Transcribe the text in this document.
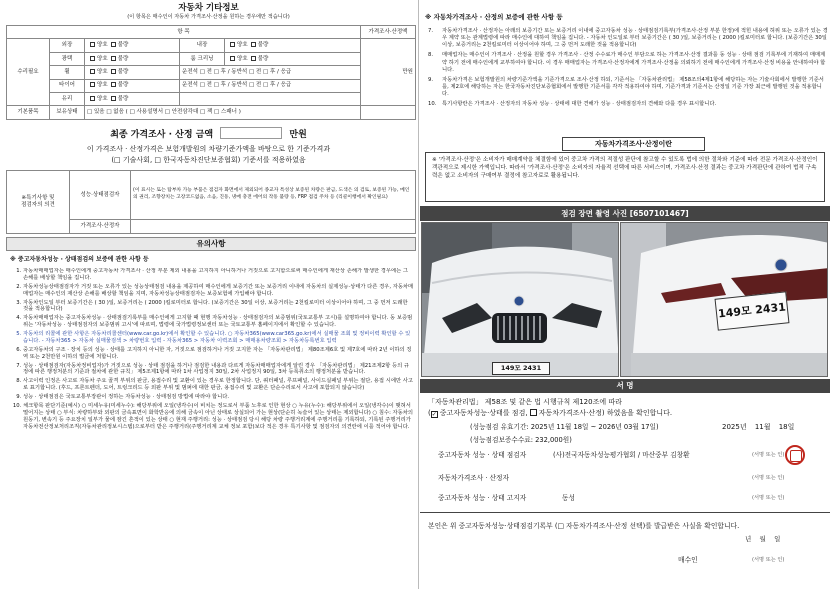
자동차 기타정보
(이 항목은 매수인이 자동차 가격조사·산정을 원하는 경우에만 적습니다)
항 목					가격조사·산정액
수리필요	외장	양호 불량	내장	양호 불량	만원
	광택	양호 불량	룸 크리닝	양호 불량	
	휠	양호 불량	운전석 □ 전 □ 후 / 동반석 □ 전 □ 후 / 응급		
	타이어	양호 불량	운전석 □ 전 □ 후 / 동반석 □ 전 □ 후 / 응급		
	유리	양호 불량			
기본품목	보유상태	□ 있음 □ 없음 ( □ 사용설명서 □ 안전삼각대 □ 잭 □ 스패너 )			
최종 가격조사 · 산정 금액	만원
이 가격조사 · 산정가격은 보험개발원의 차량기준가액을 바탕으로 한 기준가격과
(□ 기술사회, □ 한국자동차진단보증협회) 기준서를 적용하였음
※특기사항 및
점검자의 의견	성능·상태점검자	(이 표시는 또는 탑부차 가능 부품은 점검자 화면에서 제외되어 종교자 특성상 보증된 차량은 판금, 도색은 의 검토, 보증된 가능, 메인의 권리, 조향장치는 고장코드없음, 소음, 진동, 냉매 충전 에어의 작동 불량 등, FRP 점검 주차 등 (리콜이행에서 확인필요)
	가격조사·산정자	
유의사항
※ 중고자동차성능 · 상태점검의 보증에 관한 사항 등
1. 자동차매매업자는 매수인에게 중고자동차 가격조사 · 산정 부분 제외 내용을 고지하지 아니하거나 거짓으로 고지함으로써 매수인에게 재산상 손해가 발생한 경우에는 그 손해를 배상할 책임을 집니다.
2. 자동차성능상태점검자가 거짓 또는 오류가 있는 성능상태점검 내용을 제공하여 매수인에게 보증기간 또는 보증거리 이내에 자동차의 실제성능·상태가 다른 경우, 자동차매매업자는 매수인의 재산상 손해를 배상할 책임을 지며, 자동차성능상태점검자는 보증보험에 가입해야 합니다.
3. 자동차인도일 부터 보증기간은 ( 30 )일, 보증거리는 ( 2000 )킬로미터로 합니다. (보증기간은 30일 이상, 보증거리는 2천킬로미터 이상이어야 하며, 그 중 먼저 도래한 것을 적용합니다)
4. 자동차매매업자는 중고자동차성능 · 상태점검기록부를 매수인에게 고지할 때 현행 자동차성능 · 상태점검자의 보증범위(국토교통부 고시)를 설명하여야 합니다. 동 보증범위는 '자동차성능 · 상태점검자의 보증범위 고시'에 따르며, 법령에 국가법령정보센터 또는 국토교통부 홈페이지에서 확인할 수 있습니다.
5. 자동차의 리콜에 관한 사항은 자동차리콜센터(www.car.go.kr)에서 확인할 수 있습니다. ○ 자동차365(www.car365.go.kr)에서 실매물 조회 및 정비이력 확인할 수 있습니다. - 자동차365 > 자동차 실매물검색 > 차량번호 입력 - 자동차365 > 자동차 이력조회 > 매매용차량조회 > 자동차등록번호 입력
6. 중고자동차의 구조 · 장치 등의 성능 · 상태를 고지하지 아니한 자, 거짓으로 점검하거나 거짓 고지한 자는 「자동차관리법」 제80조제6호 및 제7호에 따라 2년 이하의 징역 또는 2천만원 이하의 벌금에 처합니다.
7. 성능 · 상태점검자(자동차정비업자)가 거짓으로 성능 · 상태 점검을 하거나 점검한 내용과 다르게 자동차매매업자에게 알린 경우 「자동차관리법」 제21조제2항 등의 규정에 따른 행정처분의 기준과 절차에 관한 규칙」 제5조제1항에 따라 1차 사업정지 30일, 2차 사업정지 90일, 3차 등록취소의 행정처분을 받습니다.
8. 사고이력 인정은 사고로 자동차 주요 골격 부위의 판금, 용접수리 및 교환이 있는 경우로 한정합니다. 단, 쿼터패널, 루프패널, 사이드실패널 부위는 절단, 용접 시에만 사고로 표기합니다. (후드, 프론트펜더, 도어, 트렁크리드 등 외판 부위 및 범퍼에 대한 판금, 용접수리 및 교환은 단순수리로서 사고에 포함되지 않습니다)
9. 성능 · 상태점검은 국토교통부장관이 정하는 자동차성능 · 상태점검 방법에 따라야 합니다.
10. 체크항목 판단기준(예시) ○ 미세누유(미세누수): 해당부위에 오일(냉각수)이 비치는 정도로서 부품 노후로 인한 현상 ○ 누유(누수): 해당부위에서 오일(냉각수)이 맺혀서 떨어지는 상태 ○ 부식: 차량하부와 외판의 금속표면이 화학반응에 의해 금속이 아닌 상태로 상실되어 가는 현상(단순히 녹슬어 있는 상태는 제외합니다) ○ 침수: 자동차의 원동기, 변속기 등 주요장치 일부가 물에 잠긴 흔적이 있는 상태 ○ 현재 주행거리: 성능 · 상태점검 당시 해당 차량 주행거리계에 주행거리를 기록하되, 기록된 주행거리가 자동차전산정보처리조직(자동차관리정보시스템)으로부터 받은 주행거리(주행거리계 교체 정보 포함)보다 적은 경우 특기사항 및 점검자의 의견란에 이를 적어야 합니다.
※ 자동차가격조사 · 산정의 보증에 관한 사항 등
7.	자동차가격조사 · 산정자는 아래의 보증기간 또는 보증거리 이내에 중고자동차 성능 · 상태점검기록부(가격조사·산정 부분 한정)에 적힌 내용에 허위 또는 오류가 있는 경우 계약 또는 관계법령에 따라 매수인에 대하여 책임을 집니다. - 자동차 인도일로 부터 보증기간은 ( 30 )일, 보증거리는 ( 2000 )킬로미터로 합니다. (보증기간은 30일 이상, 보증거리는 2천킬로미터 이상이어야 하며, 그 중 먼저 도래한 것을 적용합니다)
8.	매매업자는 매수인이 가격조사 · 산정을 원할 경우 가격조사 · 산정 수수료가 매수인 부담으로 하는 가격조사·산정 결과를 동 성능 · 상태 점검 기록부에 기재하여 매매계약 하기 전에 매수인에게 교부하여야 합니다. 이 경우 매매업자는 가격조사·산정자에게 가격조사·산정을 의뢰하기 전에 매수인에게 가격조사·산정 비용을 안내하여야 합니다.
9.	자동차가격은 보험개발원의 차량기준가액을 기준가격으로 조사·산정 하되, 기준서는 「자동차관리법」 제58조의4제1항에 해당하는 자는 기술사회에서 발행한 기준서를, 제2호에 해당하는 자는 한국자동차진단보증협회에서 발행한 기준서를 각각 적용하여야 하며, 기준가격과 기준서는 산정일 기준 가장 최근에 발행된 것을 적용합니다.
10.	특기사항란은 가격조사 · 산정자의 자동차 성능 · 상태에 대한 견해가 성능 · 상태점검자의 견해와 다를 경우 표시합니다.
자동차가격조사·산정이란
※ '가격조사·산정'은 소비자가 매매계약을 체결함에 있어 중고차 가격의 적절성 판단에 참고할 수 있도록 법에 의한 절차와 기준에 따라 전문 가격조사·산정인이 객관적으로 제시한 가액입니다. 따라서 '가격조사·산정'은 소비자의 자율적 선택에 따른 서비스이며, 가격조사·산정 결과는 중고차 가격판단에 관하여 법적 구속력은 없고 소비자의 구매여부 결정에 참고자료로 활용됩니다.
점검 장면 촬영 사진 [6507101467]
149모 2431
149모 2431
서 명
「자동차관리법」 제58조 및 같은 법 시행규칙 제120조에 따라
(✓ 중고자동차성능·상태를 점검, 자동차가격조사·산정) 하였음을 확인합니다.
(성능점검 유효기간: 2025년 11월 18일 ~ 2026년 03월 17일)	2025년 11월 18일
(성능점검보증수수료: 232,000원)
중고자동차 성능 · 상태 점검자	(사)전국자동차성능평가협회 / 마산중부 김창환	(서명 또는 인)
자동차가격조사 · 산정자	(서명 또는 인)
중고자동차 성능 · 상태 고지자	동성	(서명 또는 인)
본인은 위 중고자동차성능·상태점검기록부 (□ 자동차가격조사·산정 선택)를 발급받은 사실을 확인합니다.
년    월    일
매수인	(서명 또는 인)
